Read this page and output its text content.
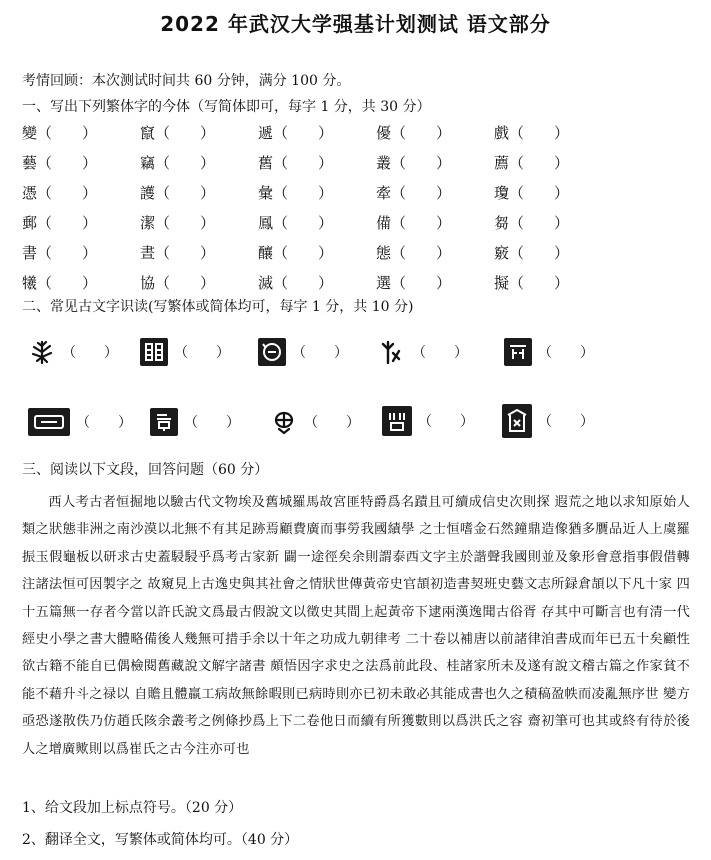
2022 年武汉大学强基计划测试 语文部分
考情回顾：本次测试时间共 60 分钟，满分 100 分。
一、写出下列繁体字的今体（写简体即可，每字 1 分，共 30 分）
變（　　）	竄（　　）	遞（　　）	優（　　）	戲（　　）
藝（　　）	竊（　　）	舊（　　）	叢（　　）	薦（　　）
憑（　　）	護（　　）	彙（　　）	牽（　　）	瓊（　　）
郵（　　）	潔（　　）	鳳（　　）	備（　　）	芻（　　）
書（　　）	晝（　　）	釀（　　）	態（　　）	竅（　　）
犧（　　）	協（　　）	滅（　　）	選（　　）	擬（　　）
二、常见古文字识读(写繁体或简体均可，每字 1 分，共 10 分)
（　　）	（　　）	（　　）	（　　）	（　　）
（　　）	（　　）	（　　）	（　　）	（　　）
三、阅读以下文段，回答问题（60 分）
西人考古者恒掘地以驗古代文物埃及舊城羅馬故宮匪特爵爲名蹟且可續成信史次則探 遐荒之地以求知原始人類之狀態非洲之南沙漠以北無不有其足跡焉顧費廣而事勞我國績學 之士恒嗜金石然鐘鼎造像猶多贋品近人上虞羅振玉假龜板以研求古史蓋駸駸乎爲考古家新 闢一途徑矣余則謂泰西文字主於諧聲我國則並及象形會意指事假借轉注諸法恒可因製字之 故窺見上古逸史與其社會之情狀世傳黃帝史官頡初造書契班史藝文志所録倉頡以下凡十家 四十五篇無一存者今當以許氏說文爲最古假說文以徵史其間上起黃帝下逮兩漢逸聞古俗胥 存其中可斷言也有清一代經史小學之書大體略備後人幾無可措手余以十年之功成九朝律考 二十卷以補唐以前諸律洎書成而年已五十矣顧性欲古籍不能自已偶檢閱舊藏說文解字諸書 頗悟因字求史之法爲前此段、桂諸家所未及遂有說文稽古篇之作家貧不能不藉升斗之禄以 自贍且體羸工病故無餘暇則已病時則亦已初未敢必其能成書也久之積稿盈帙而凌亂無序世 變方亟恐遂散佚乃仿趙氏陔余叢考之例條抄爲上下二卷他日而續有所獲數則以爲洪氏之容 齋初筆可也其或終有待於後人之增廣歟則以爲崔氏之古今注亦可也
1、给文段加上标点符号。（20 分）
2、翻译全文，写繁体或简体均可。（40 分）
